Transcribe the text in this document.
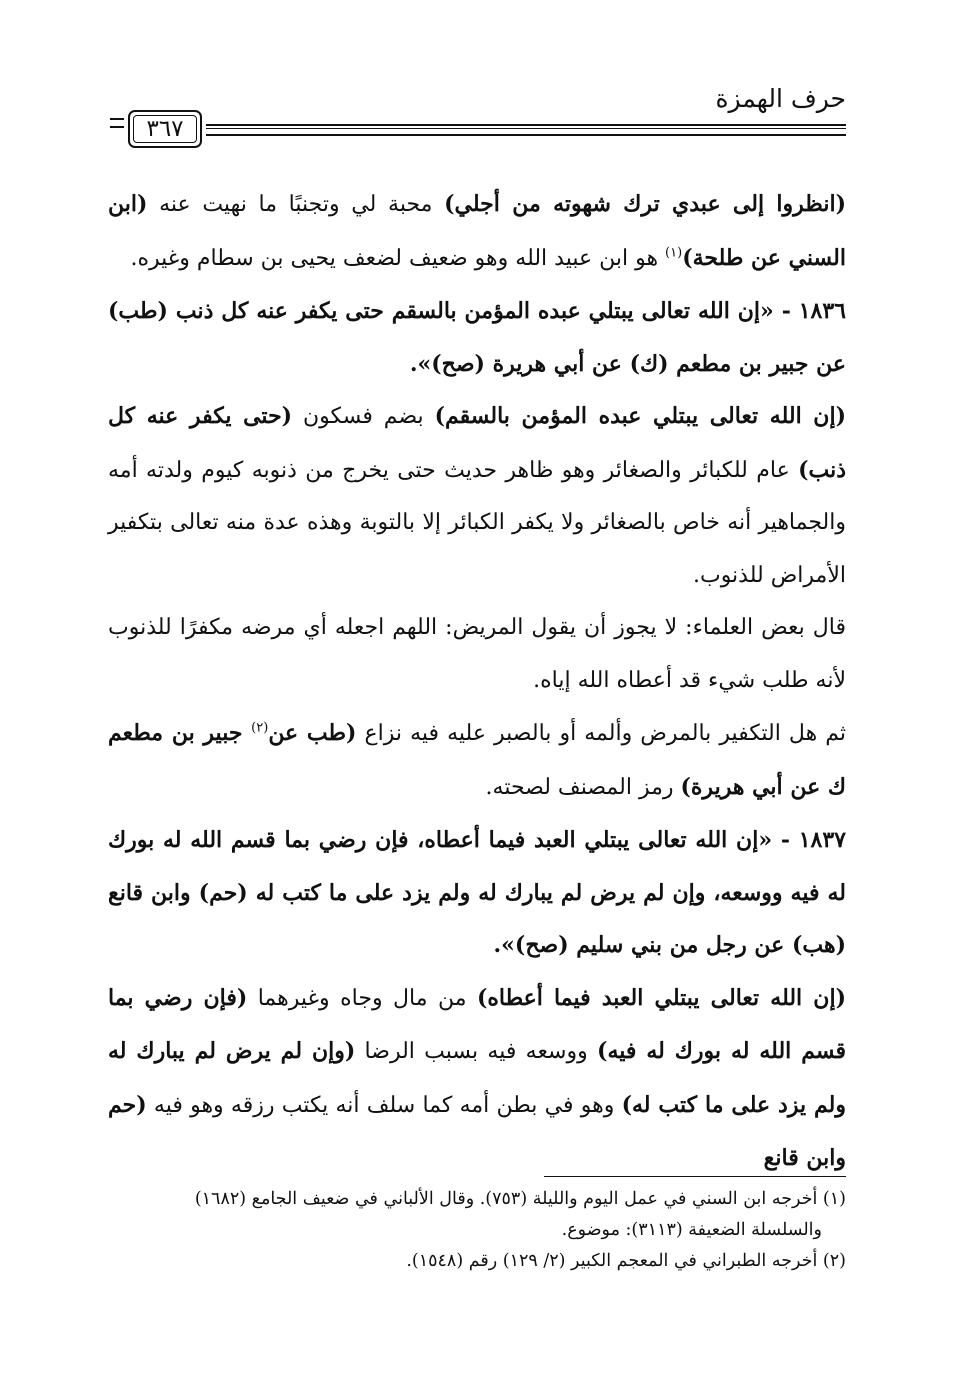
حرف الهمزة
٣٦٧

(انظروا إلى عبدي ترك شهوته من أجلي) محبة لي وتجنبًا ما نهيت عنه (ابن السني عن طلحة)$^{(١)}$ هو ابن عبيد الله وهو ضعيف لضعف يحيى بن سطام وغيره.

١٨٣٦ - «إن الله تعالى يبتلي عبده المؤمن بالسقم حتى يكفر عنه كل ذنب (طب) عن جبير بن مطعم (ك) عن أبي هريرة (صح)».

(إن الله تعالى يبتلي عبده المؤمن بالسقم) بضم فسكون (حتى يكفر عنه كل ذنب) عام للكبائر والصغائر وهو ظاهر حديث حتى يخرج من ذنوبه كيوم ولدته أمه والجماهير أنه خاص بالصغائر ولا يكفر الكبائر إلا بالتوبة وهذه عدة منه تعالى بتكفير الأمراض للذنوب.

قال بعض العلماء: لا يجوز أن يقول المريض: اللهم اجعله أي مرضه مكفرًا للذنوب لأنه طلب شيء قد أعطاه الله إياه.

ثم هل التكفير بالمرض وألمه أو بالصبر عليه فيه نزاع (طب عن$^{(٢)}$ جبير بن مطعم ك عن أبي هريرة) رمز المصنف لصحته.

١٨٣٧ - «إن الله تعالى يبتلي العبد فيما أعطاه، فإن رضي بما قسم الله له بورك له فيه ووسعه، وإن لم يرض لم يبارك له ولم يزد على ما كتب له (حم) وابن قانع (هب) عن رجل من بني سليم (صح)».

(إن الله تعالى يبتلي العبد فيما أعطاه) من مال وجاه وغيرهما (فإن رضي بما قسم الله له بورك له فيه) ووسعه فيه بسبب الرضا (وإن لم يرض لم يبارك له ولم يزد على ما كتب له) وهو في بطن أمه كما سلف أنه يكتب رزقه وهو فيه (حم وابن قانع

(١) أخرجه ابن السني في عمل اليوم والليلة (٧٥٣). وقال الألباني في ضعيف الجامع (١٦٨٢)

والسلسلة الضعيفة (٣١١٣): موضوع.

(٢) أخرجه الطبراني في المعجم الكبير (٢/ ١٢٩) رقم (١٥٤٨).
